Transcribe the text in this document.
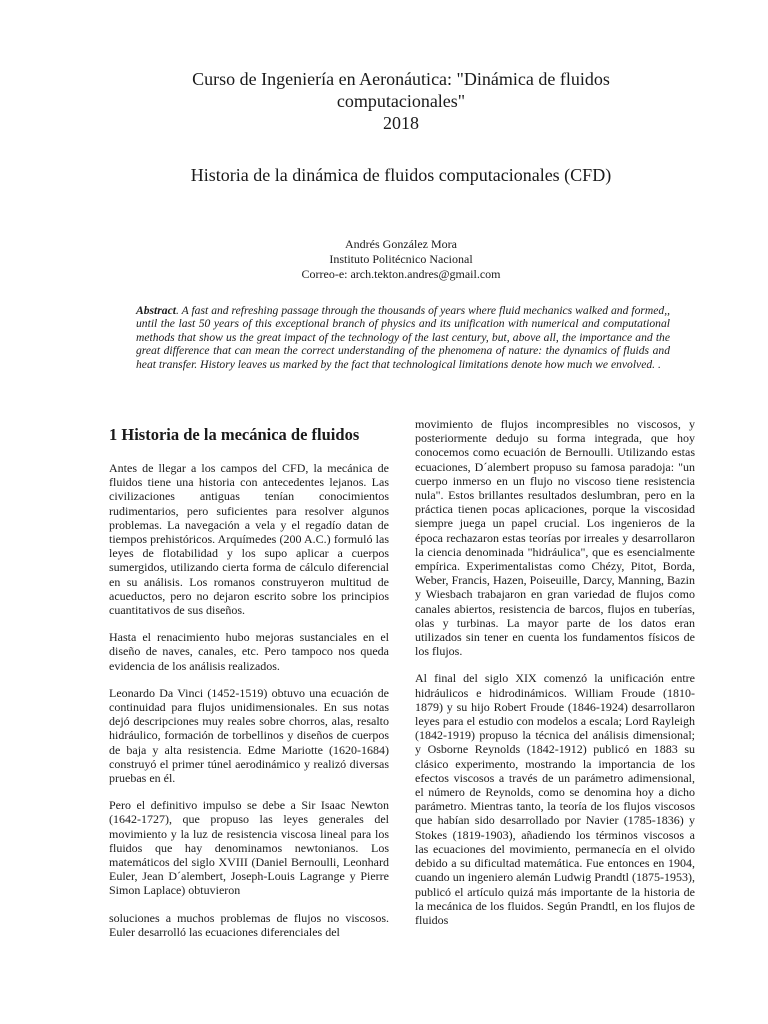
Curso de Ingeniería en Aeronáutica: "Dinámica de fluidos
computacionales"
2018
Historia de la dinámica de fluidos computacionales (CFD)
Andrés González Mora
Instituto Politécnico Nacional
Correo-e: arch.tekton.andres@gmail.com
Abstract. A fast and refreshing passage through the thousands of years where fluid mechanics walked and formed,, until the last 50 years of this exceptional branch of physics and its unification with numerical and computational methods that show us the great impact of the technology of the last century, but, above all, the importance and the great difference that can mean the correct understanding of the phenomena of nature: the dynamics of fluids and heat transfer. History leaves us marked by the fact that technological limitations denote how much we envolved. .
1 Historia de la mecánica de fluidos

Antes de llegar a los campos del CFD, la mecánica de fluidos tiene una historia con antecedentes lejanos. Las civilizaciones antiguas tenían conocimientos rudimentarios, pero suficientes para resolver algunos problemas. La navegación a vela y el regadío datan de tiempos prehistóricos. Arquímedes (200 A.C.) formuló las leyes de flotabilidad y los supo aplicar a cuerpos sumergidos, utilizando cierta forma de cálculo diferencial en su análisis. Los romanos construyeron multitud de acueductos, pero no dejaron escrito sobre los principios cuantitativos de sus diseños.

Hasta el renacimiento hubo mejoras sustanciales en el diseño de naves, canales, etc. Pero tampoco nos queda evidencia de los análisis realizados.

Leonardo Da Vinci (1452-1519) obtuvo una ecuación de continuidad para flujos unidimensionales. En sus notas dejó descripciones muy reales sobre chorros, alas, resalto hidráulico, formación de torbellinos y diseños de cuerpos de baja y alta resistencia. Edme Mariotte (1620-1684) construyó el primer túnel aerodinámico y realizó diversas pruebas en él.

Pero el definitivo impulso se debe a Sir Isaac Newton (1642-1727), que propuso las leyes generales del movimiento y la luz de resistencia viscosa lineal para los fluidos que hay denominamos newtonianos. Los matemáticos del siglo XVIII (Daniel Bernoulli, Leonhard Euler, Jean D´alembert, Joseph-Louis Lagrange y Pierre Simon Laplace) obtuvieron

soluciones a muchos problemas de flujos no viscosos. Euler desarrolló las ecuaciones diferenciales del

movimiento de flujos incompresibles no viscosos, y posteriormente dedujo su forma integrada, que hoy conocemos como ecuación de Bernoulli. Utilizando estas ecuaciones, D´alembert propuso su famosa paradoja: "un cuerpo inmerso en un flujo no viscoso tiene resistencia nula". Estos brillantes resultados deslumbran, pero en la práctica tienen pocas aplicaciones, porque la viscosidad siempre juega un papel crucial. Los ingenieros de la época rechazaron estas teorías por irreales y desarrollaron la ciencia denominada "hidráulica", que es esencialmente empírica. Experimentalistas como Chézy, Pitot, Borda, Weber, Francis, Hazen, Poiseuille, Darcy, Manning, Bazin y Wiesbach trabajaron en gran variedad de flujos como canales abiertos, resistencia de barcos, flujos en tuberías, olas y turbinas. La mayor parte de los datos eran utilizados sin tener en cuenta los fundamentos físicos de los flujos.

Al final del siglo XIX comenzó la unificación entre hidráulicos e hidrodinámicos. William Froude (1810-1879) y su hijo Robert Froude (1846-1924) desarrollaron leyes para el estudio con modelos a escala; Lord Rayleigh (1842-1919) propuso la técnica del análisis dimensional; y Osborne Reynolds (1842-1912) publicó en 1883 su clásico experimento, mostrando la importancia de los efectos viscosos a través de un parámetro adimensional, el número de Reynolds, como se denomina hoy a dicho parámetro. Mientras tanto, la teoría de los flujos viscosos que habían sido desarrollado por Navier (1785-1836) y Stokes (1819-1903), añadiendo los términos viscosos a las ecuaciones del movimiento, permanecía en el olvido debido a su dificultad matemática. Fue entonces en 1904, cuando un ingeniero alemán Ludwig Prandtl (1875-1953), publicó el artículo quizá más importante de la historia de la mecánica de los fluidos. Según Prandtl, en los flujos de fluidos
